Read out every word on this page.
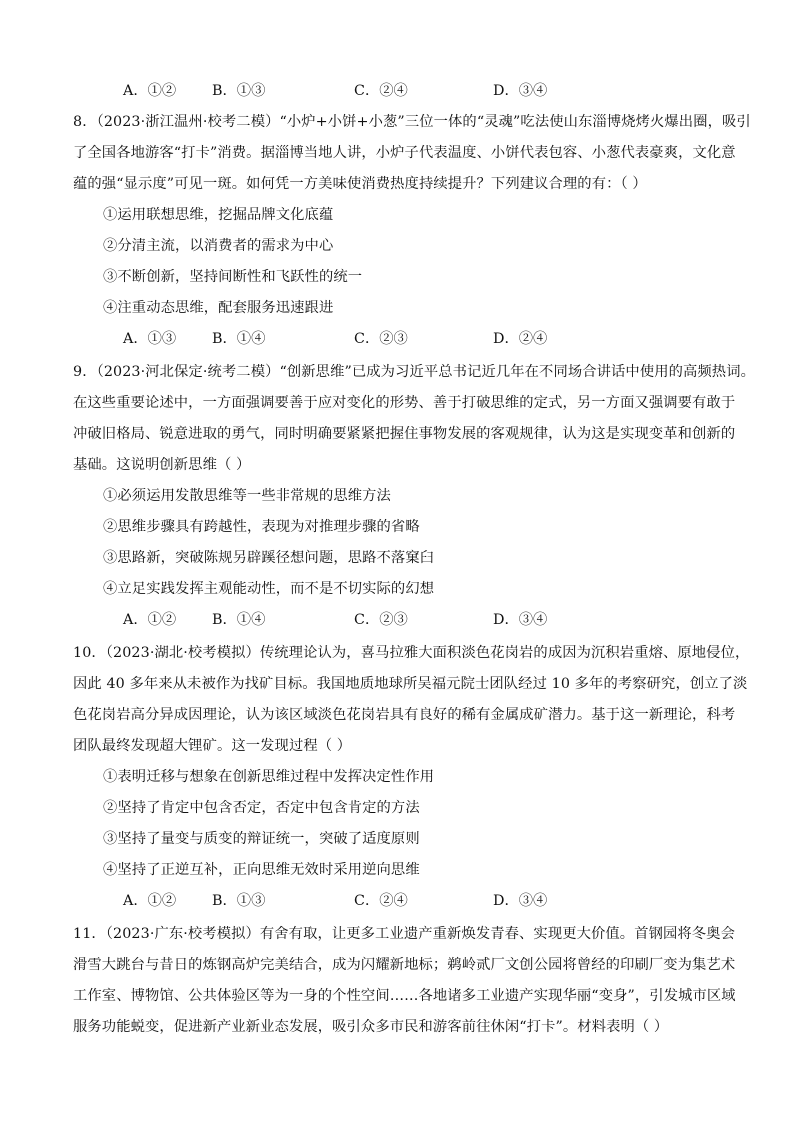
A．①②	B．①③	C．②④	D．③④
8．（2023·浙江温州·校考二模）“小炉+小饼+小葱”三位一体的“灵魂”吃法使山东淄博烧烤火爆出圈，吸引
了全国各地游客“打卡”消费。据淄博当地人讲，小炉子代表温度、小饼代表包容、小葱代表豪爽，文化意
蕴的强“显示度”可见一斑。如何凭一方美味使消费热度持续提升？下列建议合理的有：（ ）
①运用联想思维，挖掘品牌文化底蕴
②分清主流，以消费者的需求为中心
③不断创新，坚持间断性和飞跃性的统一
④注重动态思维，配套服务迅速跟进
A．①③	B．①④	C．②③	D．②④
9．（2023·河北保定·统考二模）“创新思维”已成为习近平总书记近几年在不同场合讲话中使用的高频热词。
在这些重要论述中，一方面强调要善于应对变化的形势、善于打破思维的定式，另一方面又强调要有敢于
冲破旧格局、锐意进取的勇气，同时明确要紧紧把握住事物发展的客观规律，认为这是实现变革和创新的
基础。这说明创新思维（ ）
①必须运用发散思维等一些非常规的思维方法
②思维步骤具有跨越性，表现为对推理步骤的省略
③思路新，突破陈规另辟蹊径想问题，思路不落窠臼
④立足实践发挥主观能动性，而不是不切实际的幻想
A．①②	B．①④	C．②③	D．③④
10．（2023·湖北·校考模拟）传统理论认为，喜马拉雅大面积淡色花岗岩的成因为沉积岩重熔、原地侵位，
因此 40 多年来从未被作为找矿目标。我国地质地球所吴福元院士团队经过 10 多年的考察研究，创立了淡
色花岗岩高分异成因理论，认为该区域淡色花岗岩具有良好的稀有金属成矿潜力。基于这一新理论，科考
团队最终发现超大锂矿。这一发现过程（ ）
①表明迁移与想象在创新思维过程中发挥决定性作用
②坚持了肯定中包含否定，否定中包含肯定的方法
③坚持了量变与质变的辩证统一，突破了适度原则
④坚持了正逆互补，正向思维无效时采用逆向思维
A．①②	B．①③	C．②④	D．③④
11．（2023·广东·校考模拟）有舍有取，让更多工业遗产重新焕发青春、实现更大价值。首钢园将冬奥会
滑雪大跳台与昔日的炼钢高炉完美结合，成为闪耀新地标；鹈岭贰厂文创公园将曾经的印刷厂变为集艺术
工作室、博物馆、公共体验区等为一身的个性空间……各地诸多工业遗产实现华丽“变身”，引发城市区域
服务功能蜕变，促进新产业新业态发展，吸引众多市民和游客前往休闲“打卡”。材料表明（ ）
